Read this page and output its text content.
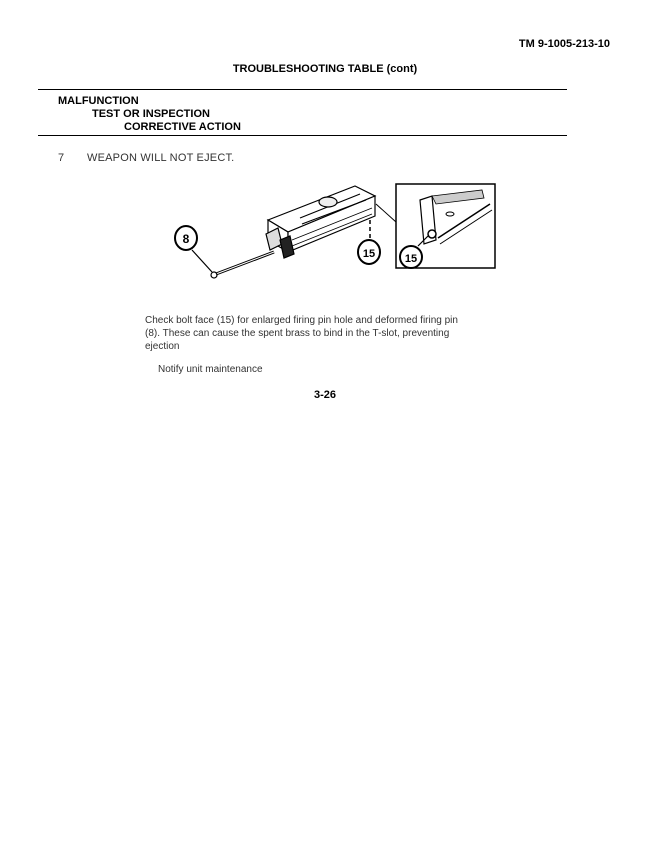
TM 9-1005-213-10
TROUBLESHOOTING TABLE (cont)
MALFUNCTION
TEST OR INSPECTION
CORRECTIVE ACTION
7 WEAPON WILL NOT EJECT.
8
15	15
Check bolt face (15) for enlarged firing pin hole and deformed firing pin
(8). These can cause the spent brass to bind in the T-slot, preventing
ejection
Notify unit maintenance
3-26
